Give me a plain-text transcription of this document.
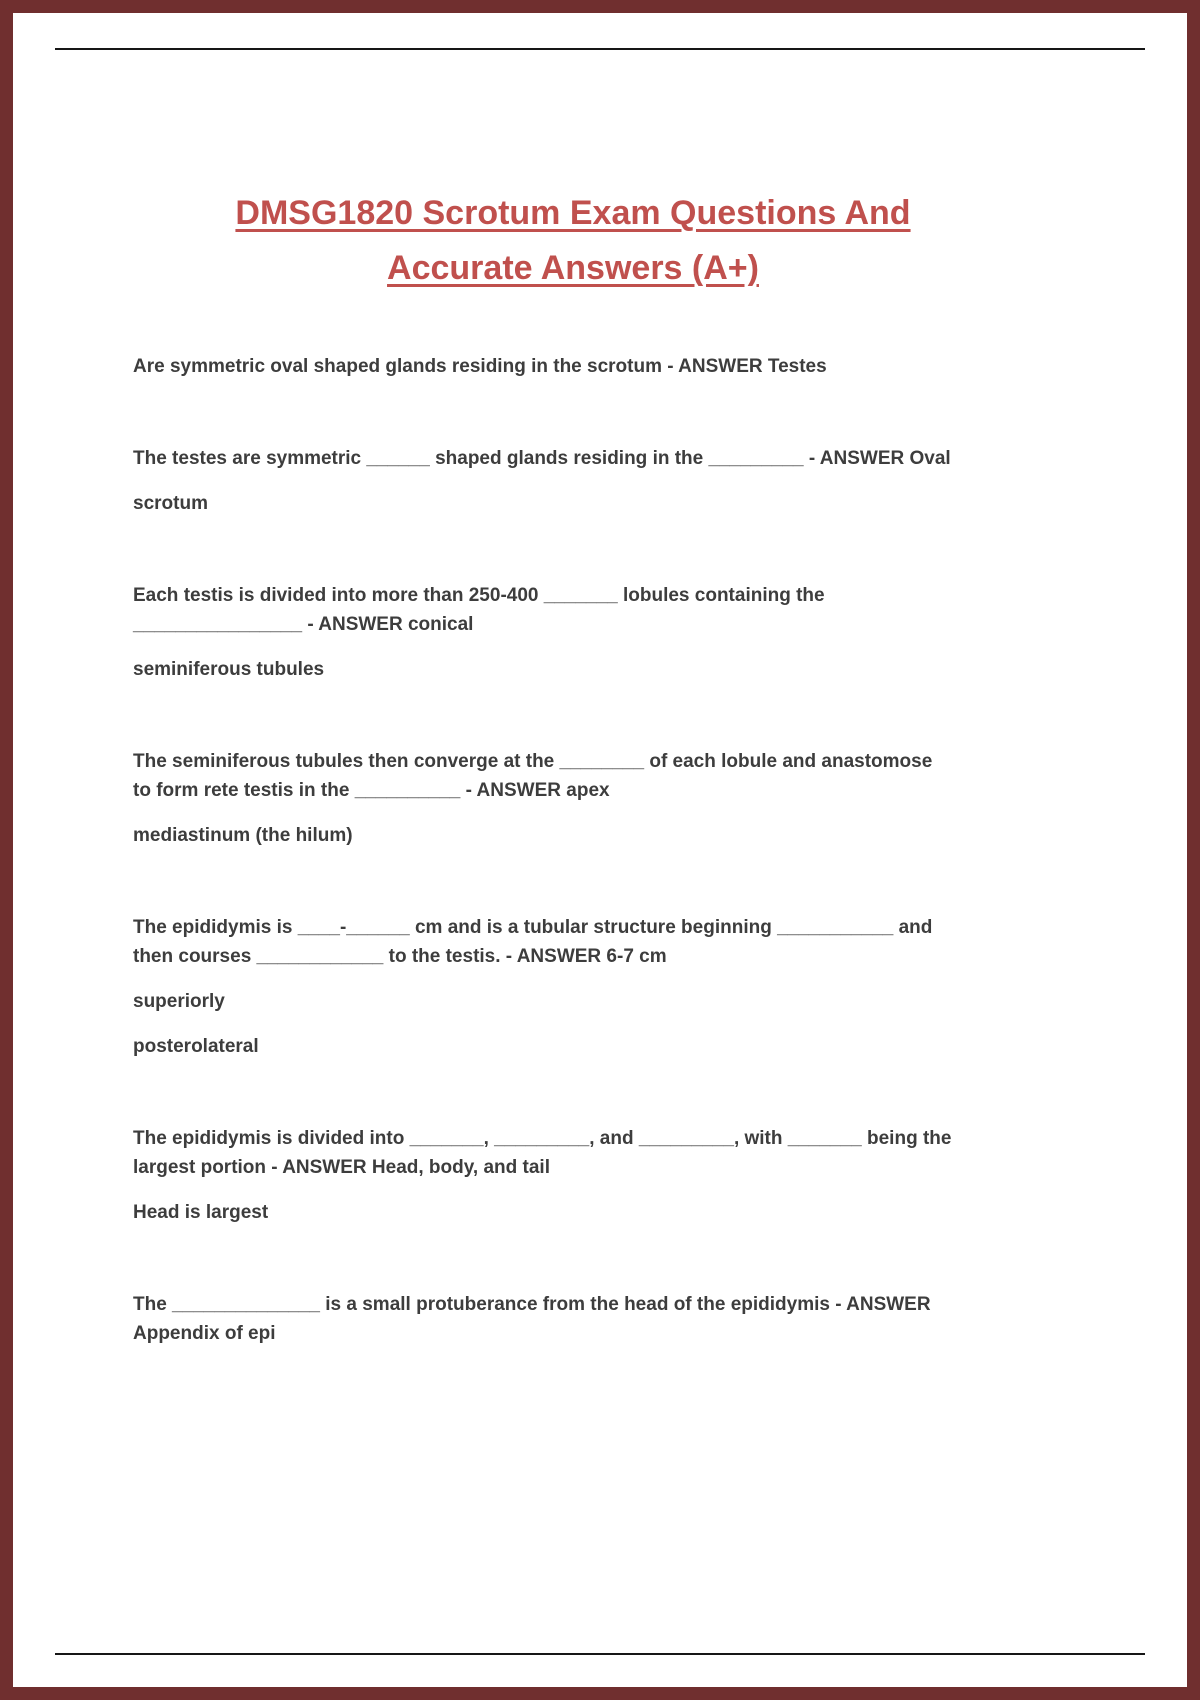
DMSG1820 Scrotum Exam Questions And
Accurate Answers (A+)
Are symmetric oval shaped glands residing in the scrotum - ANSWER Testes
The testes are symmetric ______ shaped glands residing in the _________ - ANSWER Oval

scrotum

Each testis is divided into more than 250-400 _______ lobules containing the
________________ - ANSWER conical

seminiferous tubules

The seminiferous tubules then converge at the ________ of each lobule and anastomose
to form rete testis in the __________ - ANSWER apex

mediastinum (the hilum)

The epididymis is ____-______ cm and is a tubular structure beginning ___________ and
then courses ____________ to the testis. - ANSWER 6-7 cm

superiorly

posterolateral

The epididymis is divided into _______, _________, and _________, with _______ being the
largest portion - ANSWER Head, body, and tail

Head is largest

The ______________ is a small protuberance from the head of the epididymis - ANSWER
Appendix of epi
